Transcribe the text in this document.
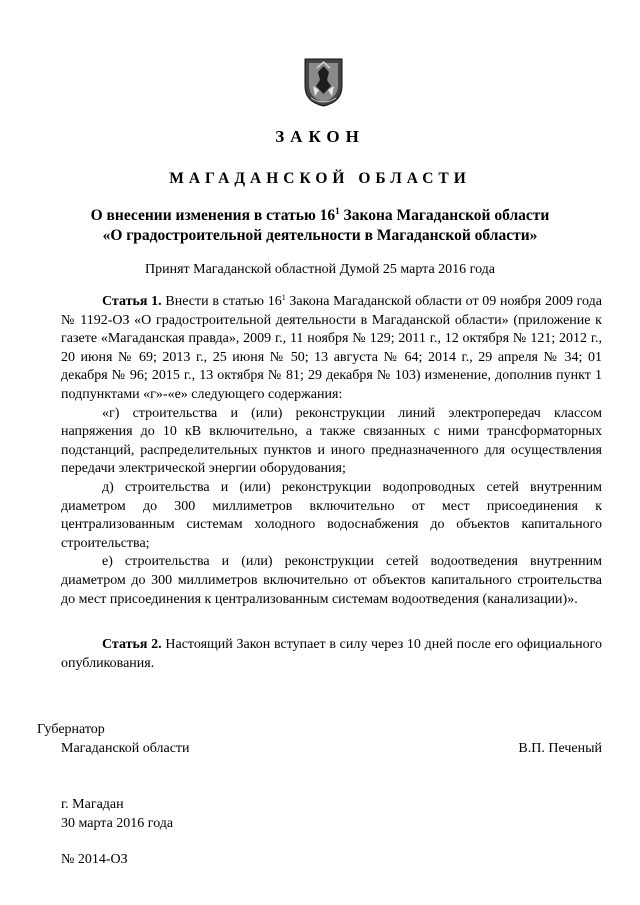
ЗАКОН
МАГАДАНСКОЙ ОБЛАСТИ
О внесении изменения в статью $16^1$ Закона Магаданской области
«О градостроительной деятельности в Магаданской области»
Принят Магаданской областной Думой 25 марта 2016 года

Статья 1. Внести в статью $16^1$ Закона Магаданской области от 09 ноября 2009 года № 1192-ОЗ «О градостроительной деятельности в Магаданской области» (приложение к газете «Магаданская правда», 2009 г., 11 ноября № 129; 2011 г., 12 октября № 121; 2012 г., 20 июня № 69; 2013 г., 25 июня № 50; 13 августа № 64; 2014 г., 29 апреля № 34; 01 декабря № 96; 2015 г., 13 октября № 81; 29 декабря № 103) изменение, дополнив пункт 1 подпунктами «г»-«е» следующего содержания:

«г) строительства и (или) реконструкции линий электропередач классом напряжения до 10 кВ включительно, а также связанных с ними трансформаторных подстанций, распределительных пунктов и иного предназначенного для осуществления передачи электрической энергии оборудования;

д) строительства и (или) реконструкции водопроводных сетей внутренним диаметром до 300 миллиметров включительно от мест присоединения к централизованным системам холодного водоснабжения до объектов капитального строительства;

е) строительства и (или) реконструкции сетей водоотведения внутренним диаметром до 300 миллиметров включительно от объектов капитального строительства до мест присоединения к централизованным системам водоотведения (канализации)».

Статья 2. Настоящий Закон вступает в силу через 10 дней после его официального опубликования.

Губернатор
Магаданской области	В.П. Печеный
г. Магадан
30 марта 2016 года
№ 2014-ОЗ
